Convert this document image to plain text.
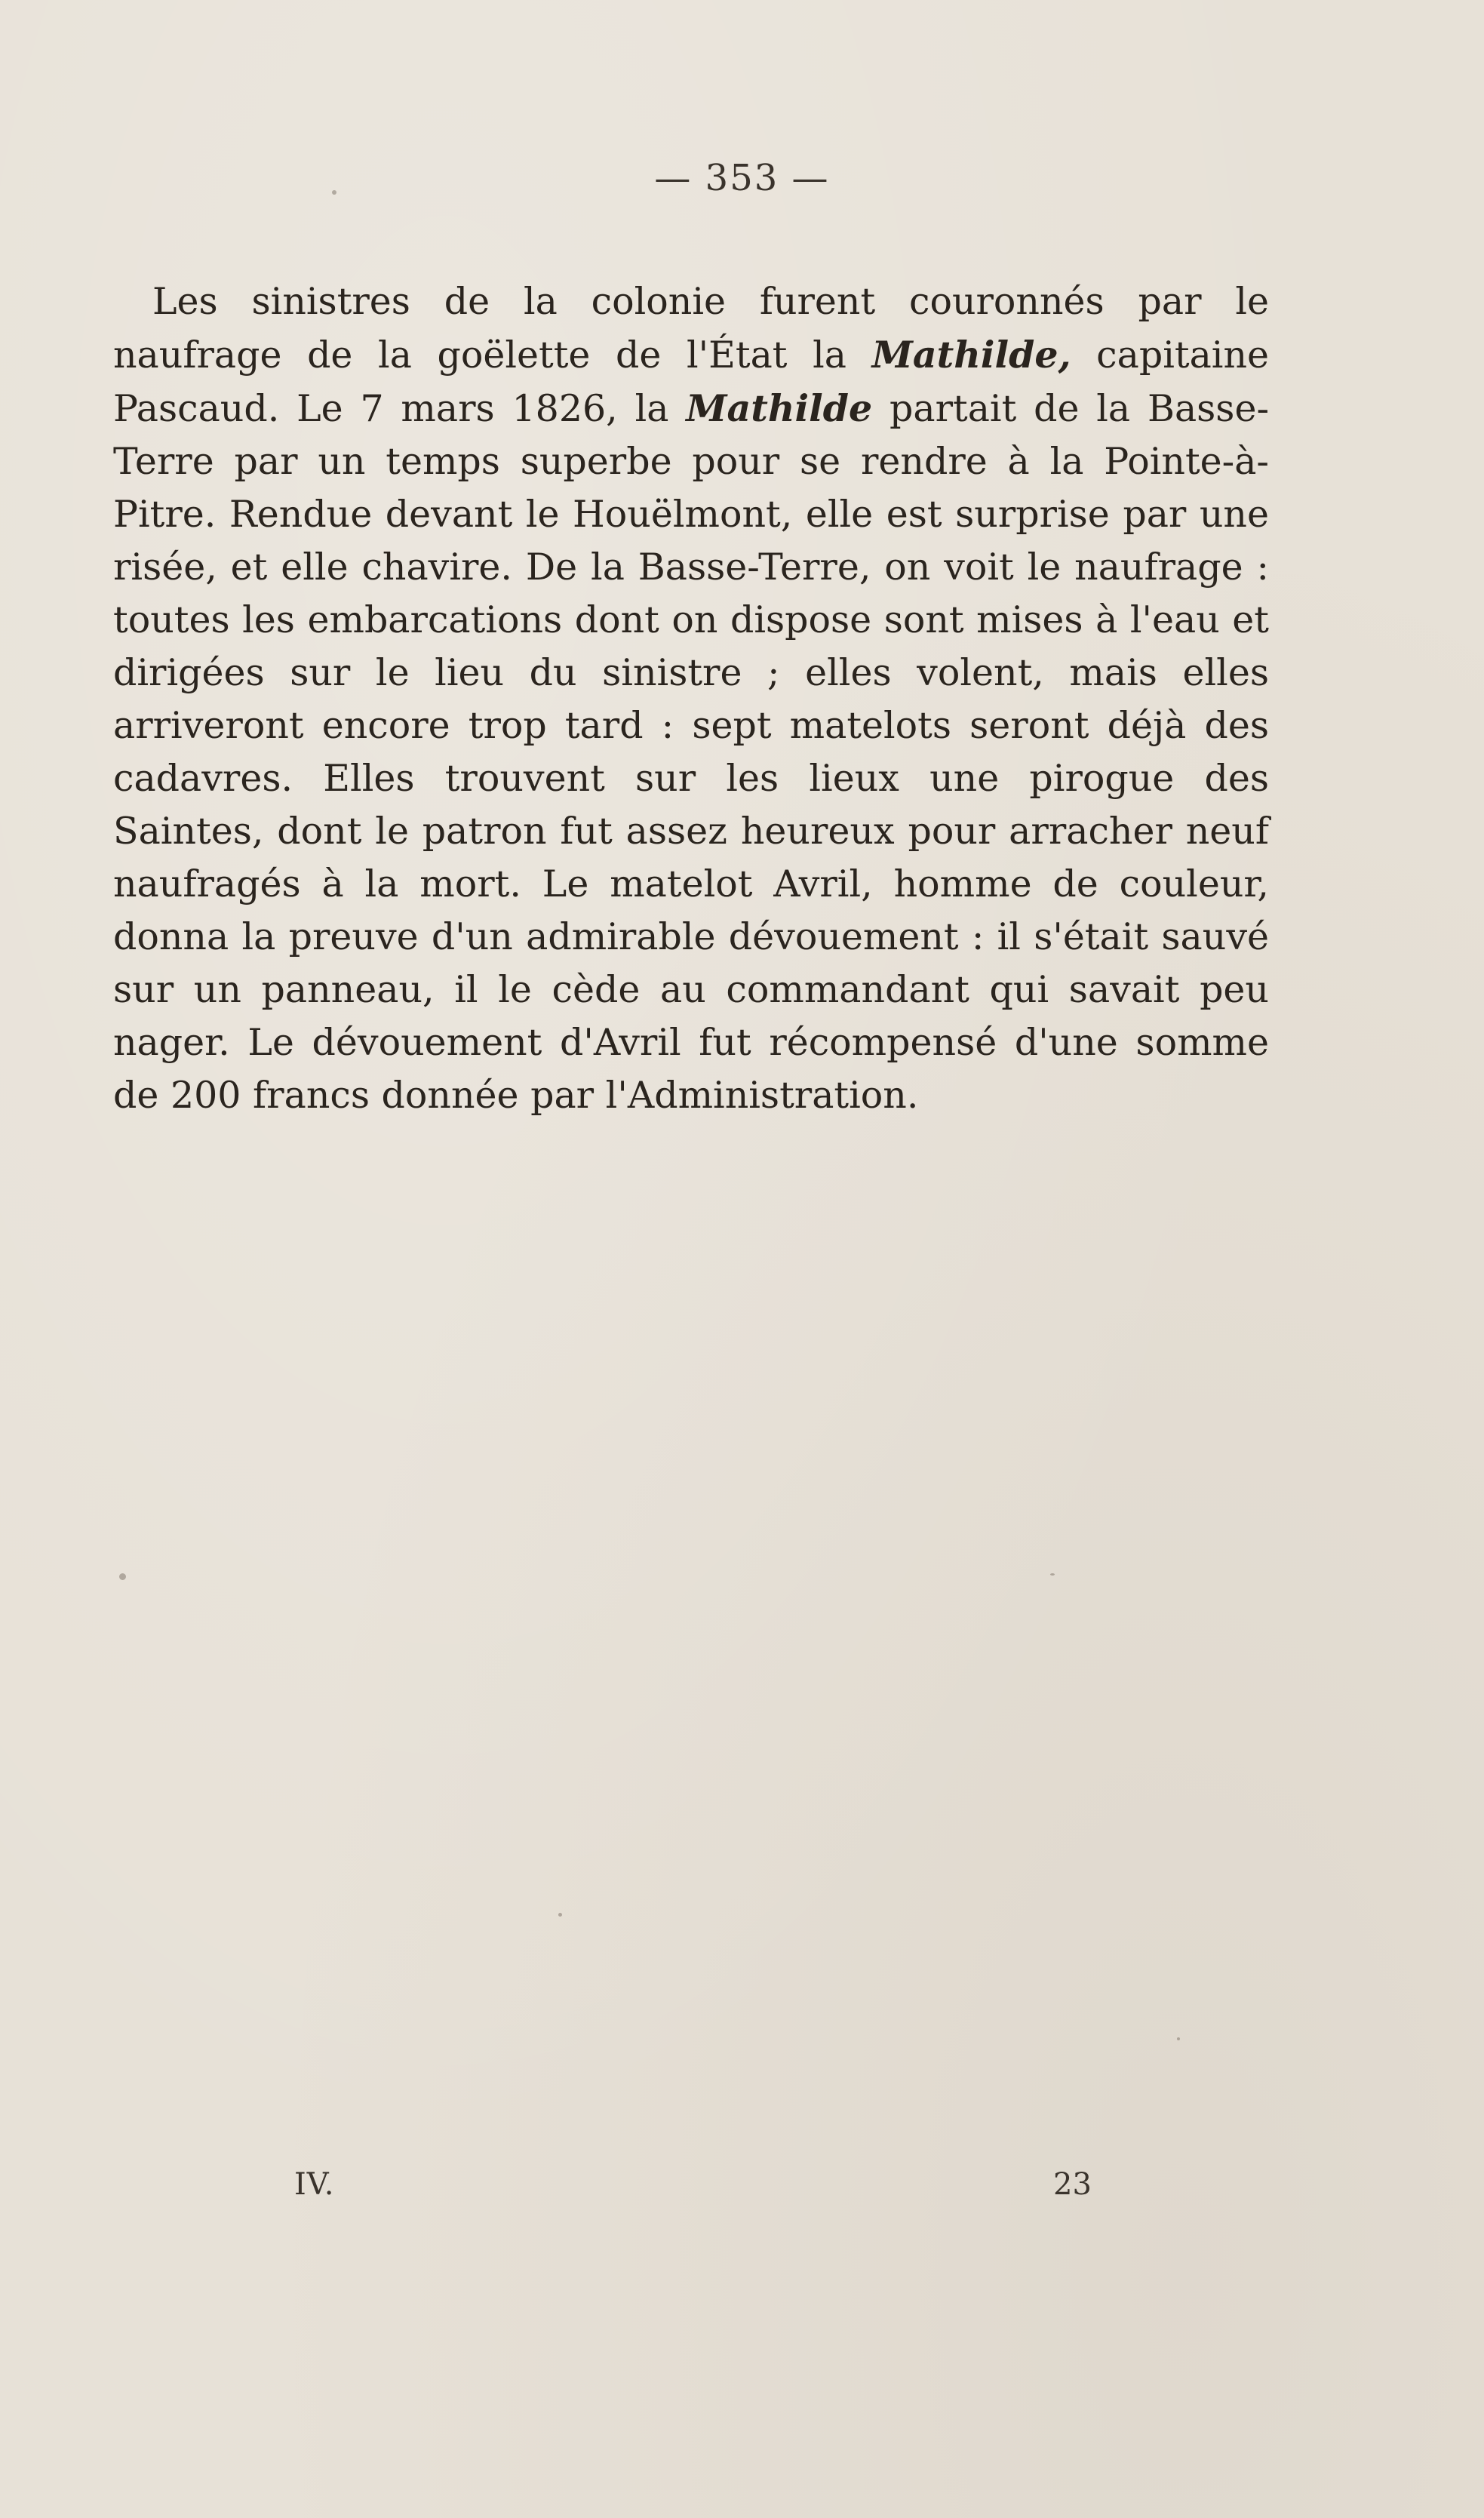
— 353 —

Les sinistres de la colonie furent couronnés par le naufrage de la goëlette de l'État la Mathilde, capitaine Pascaud. Le 7 mars 1826, la Mathilde partait de la Basse-Terre par un temps superbe pour se rendre à la Pointe-à-Pitre. Rendue devant le Houëlmont, elle est surprise par une risée, et elle chavire. De la Basse-Terre, on voit le naufrage : toutes les embarcations dont on dispose sont mises à l'eau et dirigées sur le lieu du sinistre ; elles volent, mais elles arriveront encore trop tard : sept matelots seront déjà des cadavres. Elles trouvent sur les lieux une pirogue des Saintes, dont le patron fut assez heureux pour arracher neuf naufragés à la mort. Le matelot Avril, homme de couleur, donna la preuve d'un admirable dévouement : il s'était sauvé sur un panneau, il le cède au commandant qui savait peu nager. Le dévouement d'Avril fut récompensé d'une somme de 200 francs donnée par l'Administration.

IV.	23
